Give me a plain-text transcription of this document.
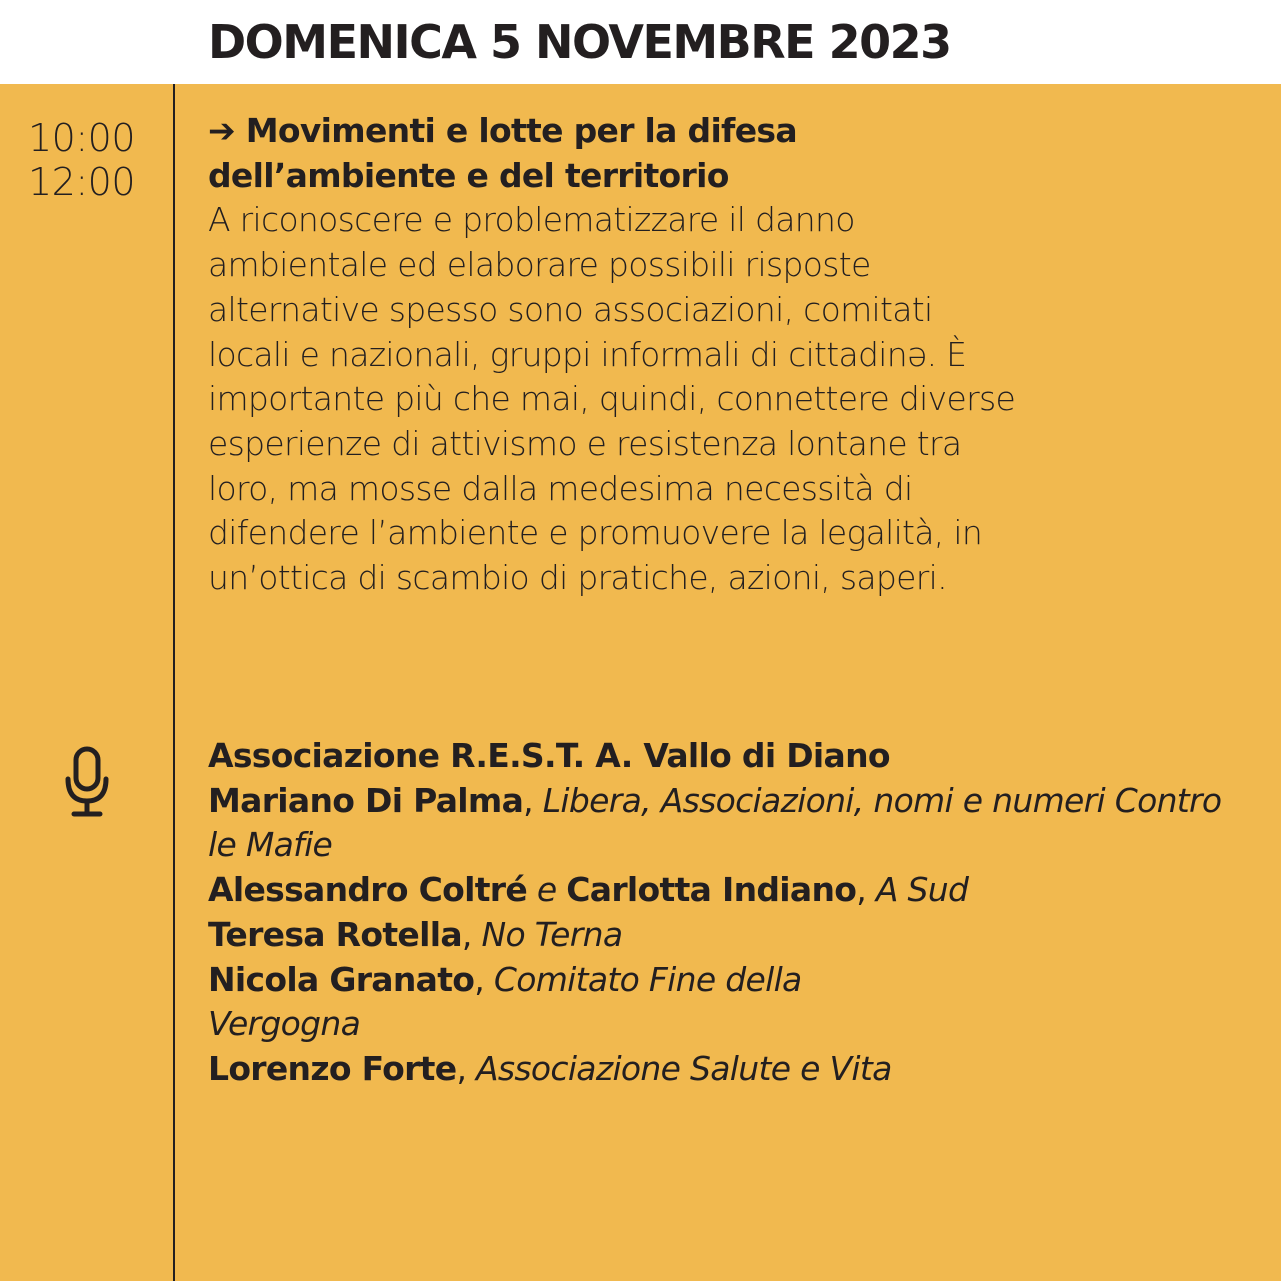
DOMENICA 5 NOVEMBRE 2023
10:00
12:00

➔ Movimenti e lotte per la difesa
dell’ambiente e del territorio

A riconoscere e problematizzare il danno ambientale ed elaborare possibili risposte alternative spesso sono associazioni, comitati locali e nazionali, gruppi informali di cittadinə. È importante più che mai, quindi, connettere diverse esperienze di attivismo e resistenza lontane tra loro, ma mosse dalla medesima necessità di difendere l’ambiente e promuovere la legalità, in un’ottica di scambio di pratiche, azioni, saperi.

Associazione R.E.S.T. A. Vallo di Diano

Mariano Di Palma, Libera, Associazioni, nomi e numeri Contro le Mafie

Alessandro Coltré e Carlotta Indiano, A Sud

Teresa Rotella, No Terna

Nicola Granato, Comitato Fine della Vergogna

Lorenzo Forte, Associazione Salute e Vita
